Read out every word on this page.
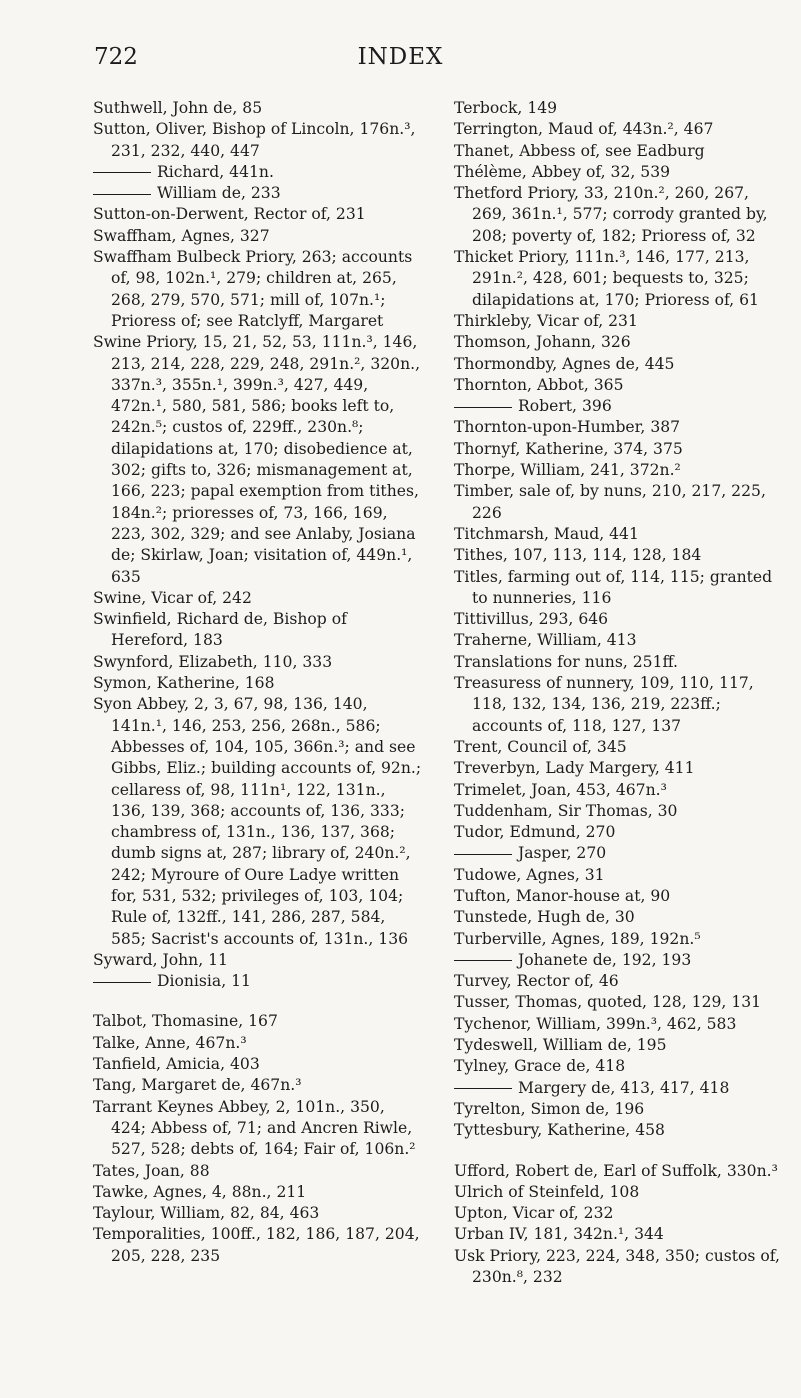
722	INDEX

Suthwell, John de, 85

Sutton, Oliver, Bishop of Lincoln, 176n.³, 231, 232, 440, 447

Richard, 441n.

William de, 233

Sutton-on-Derwent, Rector of, 231

Swaffham, Agnes, 327

Swaffham Bulbeck Priory, 263; accounts of, 98, 102n.¹, 279; children at, 265, 268, 279, 570, 571; mill of, 107n.¹; Prioress of; see Ratclyff, Margaret

Swine Priory, 15, 21, 52, 53, 111n.³, 146, 213, 214, 228, 229, 248, 291n.², 320n., 337n.³, 355n.¹, 399n.³, 427, 449, 472n.¹, 580, 581, 586; books left to, 242n.⁵; custos of, 229ff., 230n.⁸; dilapidations at, 170; disobedience at, 302; gifts to, 326; mismanagement at, 166, 223; papal exemption from tithes, 184n.²; prioresses of, 73, 166, 169, 223, 302, 329; and see Anlaby, Josiana de; Skirlaw, Joan; visitation of, 449n.¹, 635

Swine, Vicar of, 242

Swinfield, Richard de, Bishop of Hereford, 183

Swynford, Elizabeth, 110, 333

Symon, Katherine, 168

Syon Abbey, 2, 3, 67, 98, 136, 140, 141n.¹, 146, 253, 256, 268n., 586; Abbesses of, 104, 105, 366n.³; and see Gibbs, Eliz.; building accounts of, 92n.; cellaress of, 98, 111n¹, 122, 131n., 136, 139, 368; accounts of, 136, 333; chambress of, 131n., 136, 137, 368; dumb signs at, 287; library of, 240n.², 242; Myroure of Oure Ladye written for, 531, 532; privileges of, 103, 104; Rule of, 132ff., 141, 286, 287, 584, 585; Sacrist's accounts of, 131n., 136

Syward, John, 11

Dionisia, 11

Talbot, Thomasine, 167

Talke, Anne, 467n.³

Tanfield, Amicia, 403

Tang, Margaret de, 467n.³

Tarrant Keynes Abbey, 2, 101n., 350, 424; Abbess of, 71; and Ancren Riwle, 527, 528; debts of, 164; Fair of, 106n.²

Tates, Joan, 88

Tawke, Agnes, 4, 88n., 211

Taylour, William, 82, 84, 463

Temporalities, 100ff., 182, 186, 187, 204, 205, 228, 235

Terbock, 149

Terrington, Maud of, 443n.², 467

Thanet, Abbess of, see Eadburg

Thélème, Abbey of, 32, 539

Thetford Priory, 33, 210n.², 260, 267, 269, 361n.¹, 577; corrody granted by, 208; poverty of, 182; Prioress of, 32

Thicket Priory, 111n.³, 146, 177, 213, 291n.², 428, 601; bequests to, 325; dilapidations at, 170; Prioress of, 61

Thirkleby, Vicar of, 231

Thomson, Johann, 326

Thormondby, Agnes de, 445

Thornton, Abbot, 365

Robert, 396

Thornton-upon-Humber, 387

Thornyf, Katherine, 374, 375

Thorpe, William, 241, 372n.²

Timber, sale of, by nuns, 210, 217, 225, 226

Titchmarsh, Maud, 441

Tithes, 107, 113, 114, 128, 184

Titles, farming out of, 114, 115; granted to nunneries, 116

Tittivillus, 293, 646

Traherne, William, 413

Translations for nuns, 251ff.

Treasuress of nunnery, 109, 110, 117, 118, 132, 134, 136, 219, 223ff.; accounts of, 118, 127, 137

Trent, Council of, 345

Treverbyn, Lady Margery, 411

Trimelet, Joan, 453, 467n.³

Tuddenham, Sir Thomas, 30

Tudor, Edmund, 270

Jasper, 270

Tudowe, Agnes, 31

Tufton, Manor-house at, 90

Tunstede, Hugh de, 30

Turberville, Agnes, 189, 192n.⁵

Johanete de, 192, 193

Turvey, Rector of, 46

Tusser, Thomas, quoted, 128, 129, 131

Tychenor, William, 399n.³, 462, 583

Tydeswell, William de, 195

Tylney, Grace de, 418

Margery de, 413, 417, 418

Tyrelton, Simon de, 196

Tyttesbury, Katherine, 458

Ufford, Robert de, Earl of Suffolk, 330n.³

Ulrich of Steinfeld, 108

Upton, Vicar of, 232

Urban IV, 181, 342n.¹, 344

Usk Priory, 223, 224, 348, 350; custos of, 230n.⁸, 232
